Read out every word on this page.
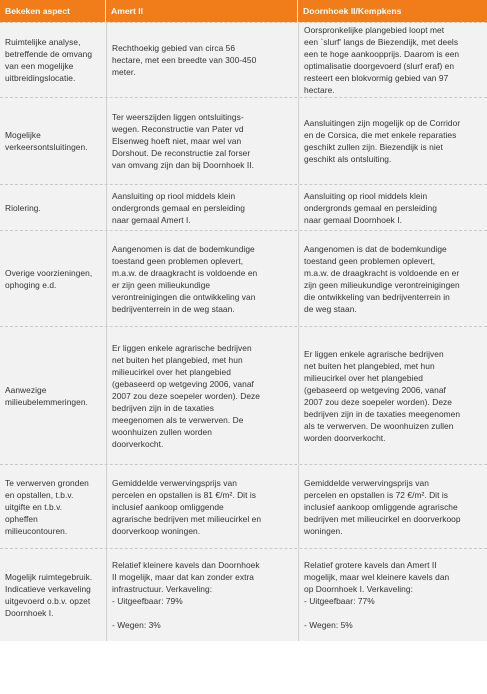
Bekeken aspect	Amert II	Doornhoek II/Kempkens
Ruimtelijke analyse,
betreffende de omvang
van een mogelijke
uitbreidingslocatie.
Rechthoekig gebied van circa 56
hectare, met een breedte van 300-450
meter.
Oorspronkelijke plangebied loopt met
een `slurf' langs de Biezendijk, met deels
een te hoge aankoopprijs. Daarom is een
optimalisatie doorgevoerd (slurf eraf) en
resteert een blokvormig gebied van 97
hectare.
Mogelijke
verkeersontsluitingen.
Ter weerszijden liggen ontsluitings-
wegen. Reconstructie van Pater vd
Elsenweg hoeft niet, maar wel van
Dorshout. De reconstructie zal forser
van omvang zijn dan bij Doornhoek II.
Aansluitingen zijn mogelijk op de Corridor
en de Corsica, die met enkele reparaties
geschikt zullen zijn. Biezendijk is niet
geschikt als ontsluiting.
Riolering.
Aansluiting op riool middels klein
ondergronds gemaal en persleiding
naar gemaal Amert I.
Aansluiting op riool middels klein
ondergronds gemaal en persleiding
naar gemaal Doornhoek I.
Overige voorzieningen,
ophoging e.d.
Aangenomen is dat de bodemkundige
toestand geen problemen oplevert,
m.a.w. de draagkracht is voldoende en
er zijn geen milieukundige
verontreinigingen die ontwikkeling van
bedrijventerrein in de weg staan.
Aangenomen is dat de bodemkundige
toestand geen problemen oplevert,
m.a.w. de draagkracht is voldoende en er
zijn geen milieukundige verontreinigingen
die ontwikkeling van bedrijventerrein in
de weg staan.
Aanwezige
milieubelemmeringen.
Er liggen enkele agrarische bedrijven
net buiten het plangebied, met hun
milieucirkel over het plangebied
(gebaseerd op wetgeving 2006, vanaf
2007 zou deze soepeler worden). Deze
bedrijven zijn in de taxaties
meegenomen als te verwerven. De
woonhuizen zullen worden
doorverkocht.
Er liggen enkele agrarische bedrijven
net buiten het plangebied, met hun
milieucirkel over het plangebied
(gebaseerd op wetgeving 2006, vanaf
2007 zou deze soepeler worden). Deze
bedrijven zijn in de taxaties meegenomen
als te verwerven. De woonhuizen zullen
worden doorverkocht.
Te verwerven gronden
en opstallen, t.b.v.
uitgifte en t.b.v.
opheffen
milieucontouren.
Gemiddelde verwervingsprijs van
percelen en opstallen is 81 €/m². Dit is
inclusief aankoop omliggende
agrarische bedrijven met milieucirkel en
doorverkoop woningen.
Gemiddelde verwervingsprijs van
percelen en opstallen is 72 €/m². Dit is
inclusief aankoop omliggende agrarische
bedrijven met milieucirkel en doorverkoop
woningen.
Mogelijk ruimtegebruik.
Indicatieve verkaveling
uitgevoerd o.b.v. opzet
Doornhoek I.
Relatief kleinere kavels dan Doornhoek
II mogelijk, maar dat kan zonder extra
infrastructuur. Verkaveling:
- Uitgeefbaar: 79%

- Wegen: 3%
Relatief grotere kavels dan Amert II
mogelijk, maar wel kleinere kavels dan
op Doornhoek I. Verkaveling:
- Uitgeefbaar: 77%

- Wegen: 5%
